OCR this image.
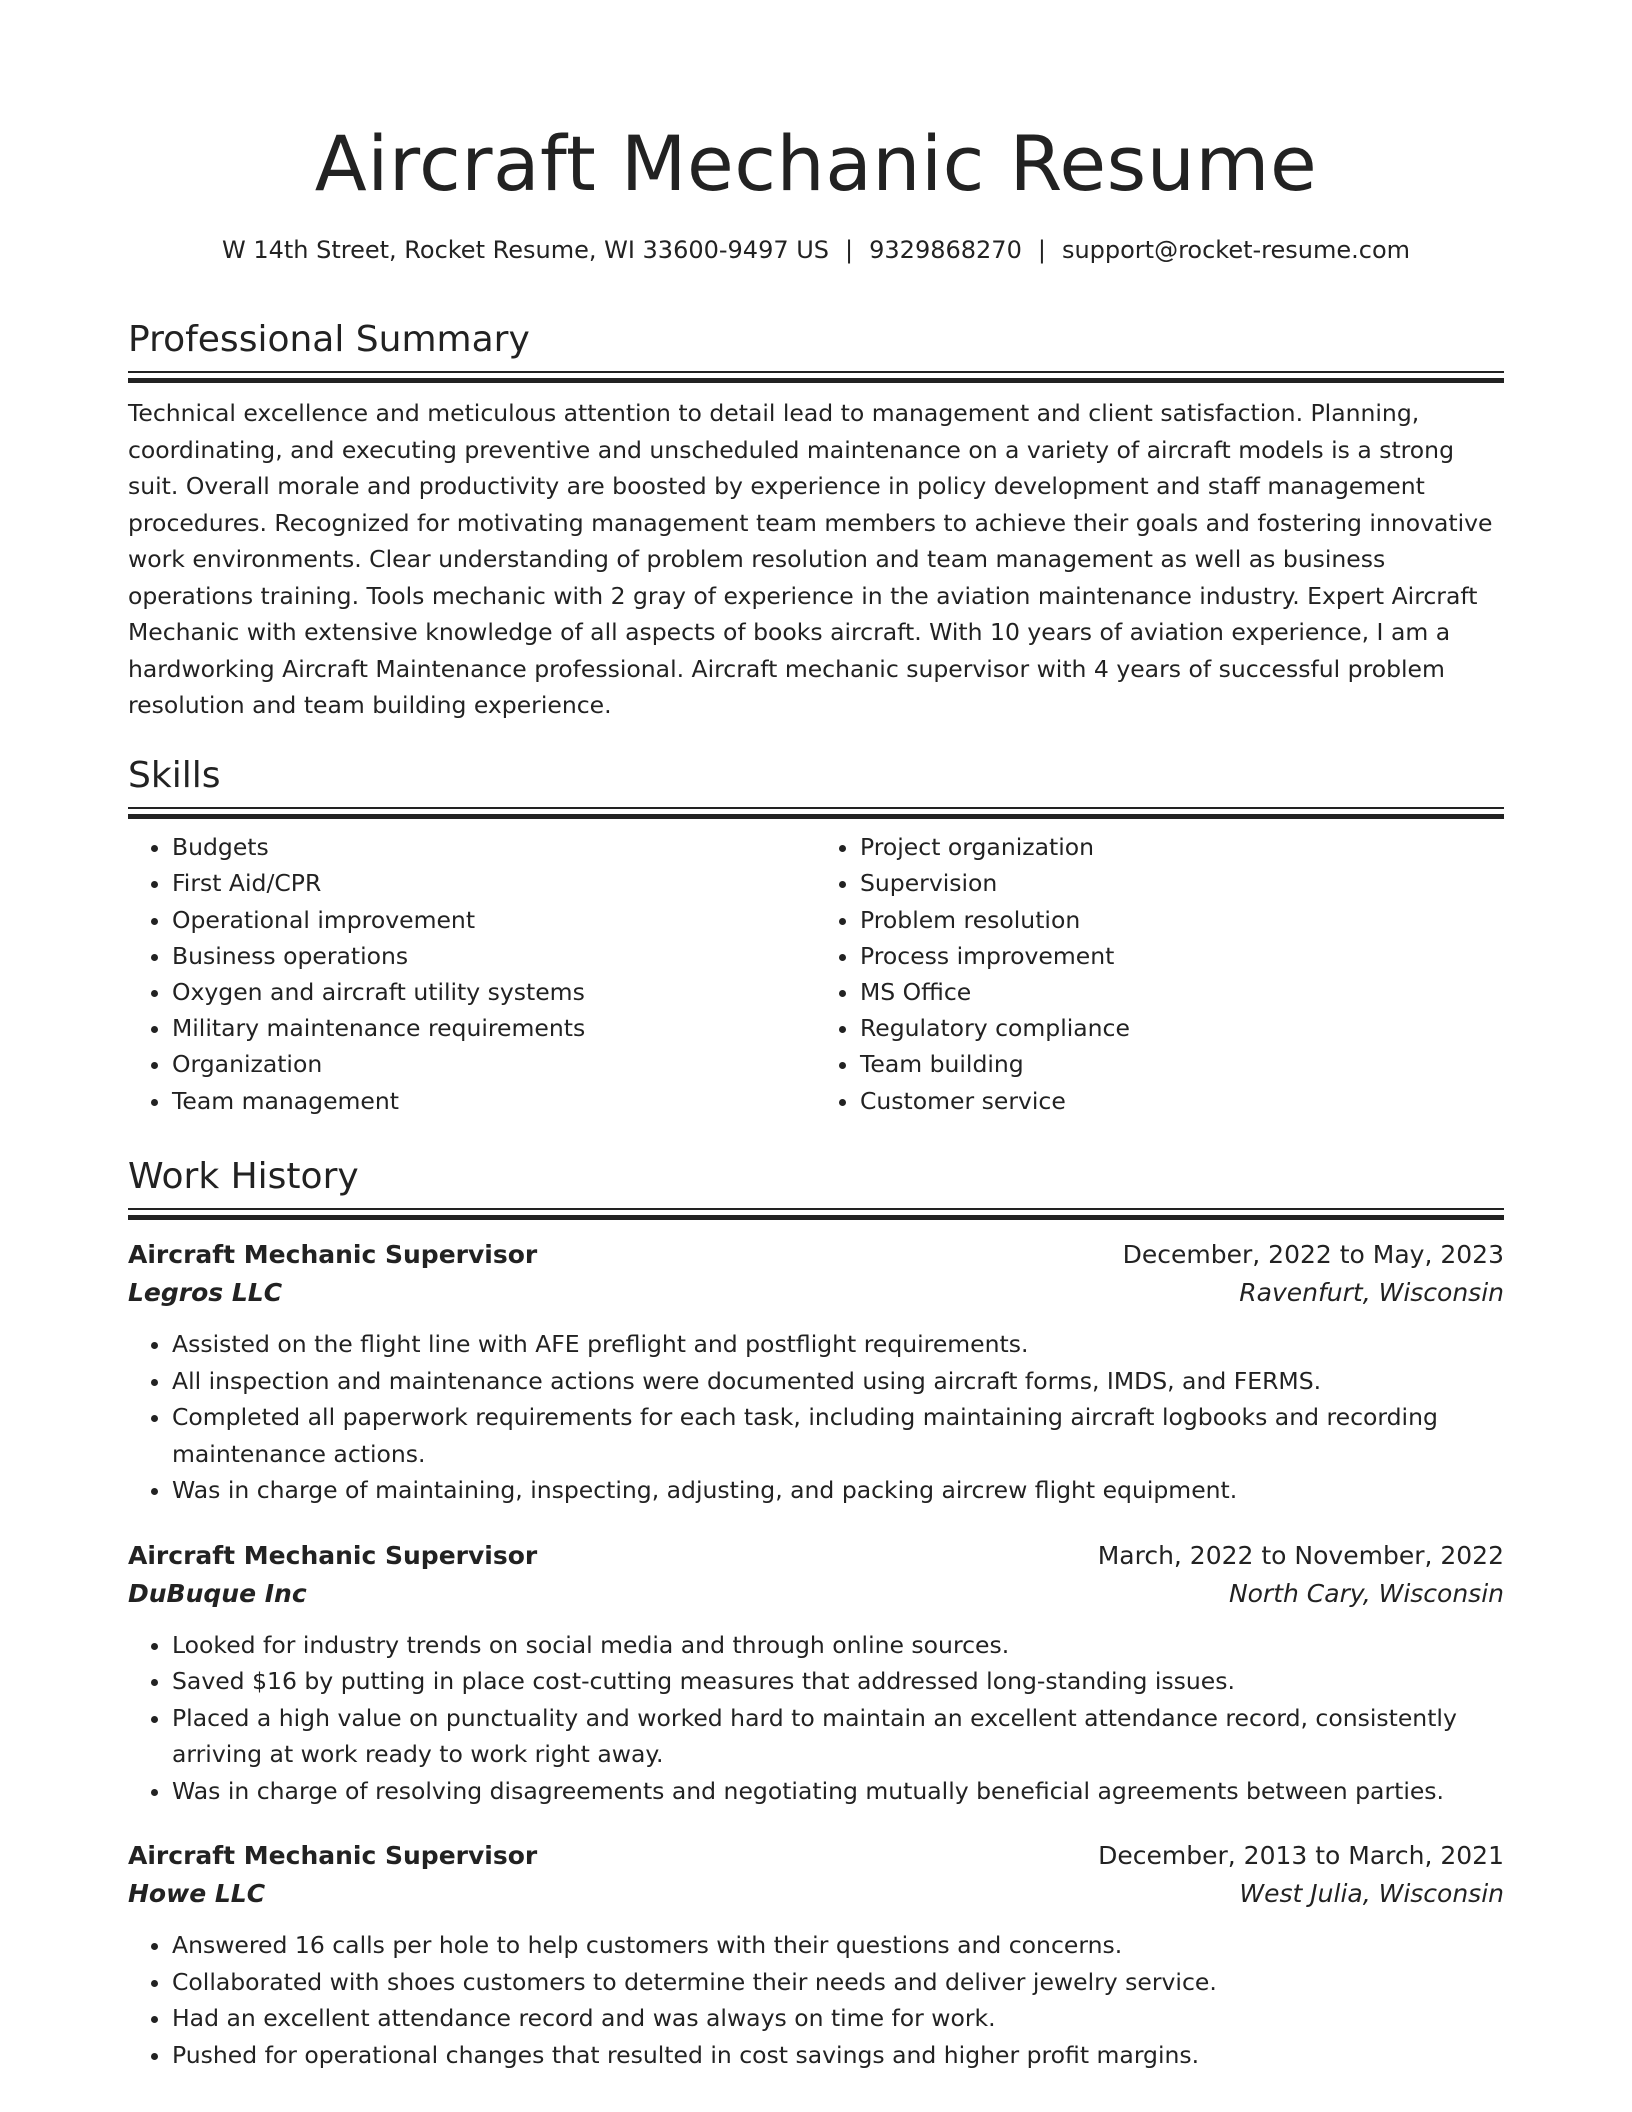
Aircraft Mechanic Resume
W 14th Street, Rocket Resume, WI 33600-9497 US | 9329868270 | support@rocket-resume.com
Professional Summary
Technical excellence and meticulous attention to detail lead to management and client satisfaction. Planning, coordinating, and executing preventive and unscheduled maintenance on a variety of aircraft models is a strong suit. Overall morale and productivity are boosted by experience in policy development and staff management procedures. Recognized for motivating management team members to achieve their goals and fostering innovative work environments. Clear understanding of problem resolution and team management as well as business operations training. Tools mechanic with 2 gray of experience in the aviation maintenance industry. Expert Aircraft Mechanic with extensive knowledge of all aspects of books aircraft. With 10 years of aviation experience, I am a hardworking Aircraft Maintenance professional. Aircraft mechanic supervisor with 4 years of successful problem resolution and team building experience.
Skills
• Budgets
• First Aid/CPR
• Operational improvement
• Business operations
• Oxygen and aircraft utility systems
• Military maintenance requirements
• Organization
• Team management
• Project organization
• Supervision
• Problem resolution
• Process improvement
• MS Office
• Regulatory compliance
• Team building
• Customer service
Work History
Aircraft Mechanic Supervisor	December, 2022 to May, 2023
Legros LLC	Ravenfurt, Wisconsin
• Assisted on the flight line with AFE preflight and postflight requirements.
• All inspection and maintenance actions were documented using aircraft forms, IMDS, and FERMS.
• Completed all paperwork requirements for each task, including maintaining aircraft logbooks and recording maintenance actions.
• Was in charge of maintaining, inspecting, adjusting, and packing aircrew flight equipment.
Aircraft Mechanic Supervisor	March, 2022 to November, 2022
DuBuque Inc	North Cary, Wisconsin
• Looked for industry trends on social media and through online sources.
• Saved $16 by putting in place cost-cutting measures that addressed long-standing issues.
• Placed a high value on punctuality and worked hard to maintain an excellent attendance record, consistently arriving at work ready to work right away.
• Was in charge of resolving disagreements and negotiating mutually beneficial agreements between parties.
Aircraft Mechanic Supervisor	December, 2013 to March, 2021
Howe LLC	West Julia, Wisconsin
• Answered 16 calls per hole to help customers with their questions and concerns.
• Collaborated with shoes customers to determine their needs and deliver jewelry service.
• Had an excellent attendance record and was always on time for work.
• Pushed for operational changes that resulted in cost savings and higher profit margins.
